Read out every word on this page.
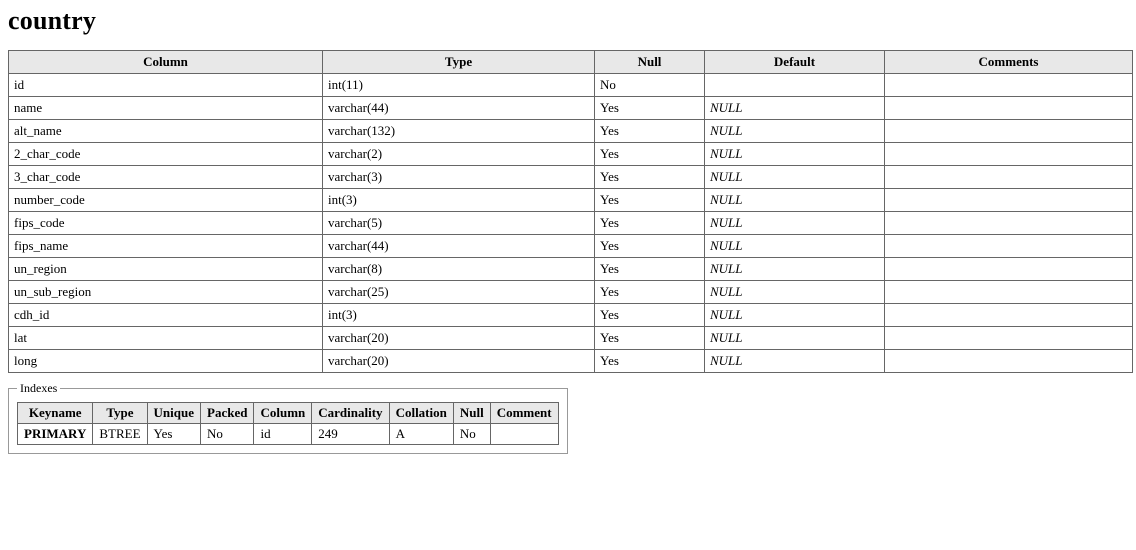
country
Column	Type	Null	Default	Comments
id	int(11)	No		
name	varchar(44)	Yes	NULL	
alt_name	varchar(132)	Yes	NULL	
2_char_code	varchar(2)	Yes	NULL	
3_char_code	varchar(3)	Yes	NULL	
number_code	int(3)	Yes	NULL	
fips_code	varchar(5)	Yes	NULL	
fips_name	varchar(44)	Yes	NULL	
un_region	varchar(8)	Yes	NULL	
un_sub_region	varchar(25)	Yes	NULL	
cdh_id	int(3)	Yes	NULL	
lat	varchar(20)	Yes	NULL	
long	varchar(20)	Yes	NULL	
Indexes
Keyname	Type	Unique	Packed	Column	Cardinality	Collation	Null	Comment
PRIMARY	BTREE	Yes	No	id	249	A	No	
